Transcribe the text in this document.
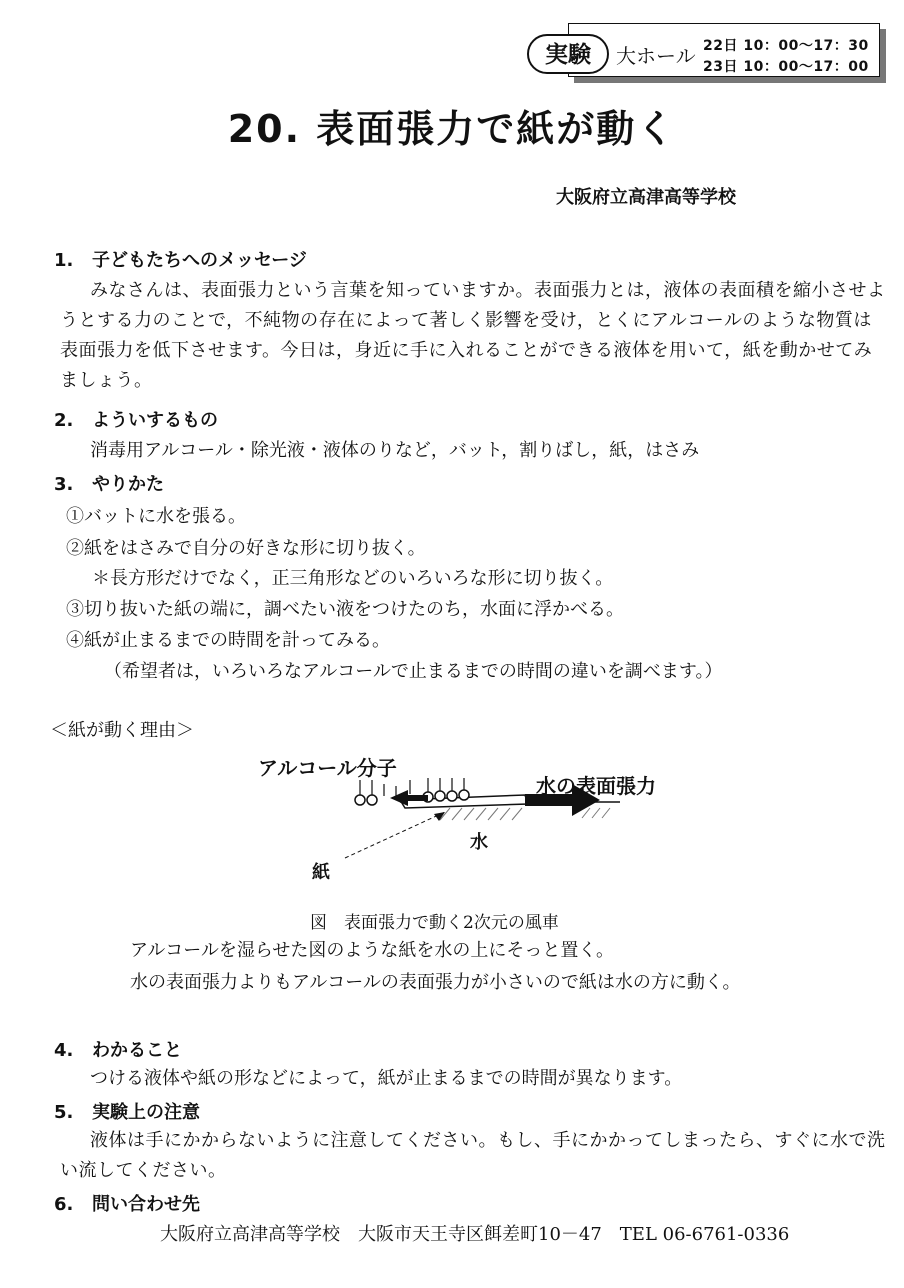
実験	大ホール 22日 10：00～17：30
23日 10：00～17：00
20. 表面張力で紙が動く
大阪府立高津高等学校
1. 子どもたちへのメッセージ
みなさんは、表面張力という言葉を知っていますか。表面張力とは，液体の表面積を縮小させようとする力のことで，不純物の存在によって著しく影響を受け，とくにアルコールのような物質は表面張力を低下させます。今日は，身近に手に入れることができる液体を用いて，紙を動かせてみましょう。
2. よういするもの
消毒用アルコール・除光液・液体のりなど，バット，割りばし，紙，はさみ
3. やりかた
①バットに水を張る。
②紙をはさみで自分の好きな形に切り抜く。
＊長方形だけでなく，正三角形などのいろいろな形に切り抜く。
③切り抜いた紙の端に，調べたい液をつけたのち，水面に浮かべる。
④紙が止まるまでの時間を計ってみる。
（希望者は，いろいろなアルコールで止まるまでの時間の違いを調べます。）
＜紙が動く理由＞
アルコール分子
水の表面張力
水
紙
図　表面張力で動く2次元の風車
アルコールを湿らせた図のような紙を水の上にそっと置く。
水の表面張力よりもアルコールの表面張力が小さいので紙は水の方に動く。
4. わかること
つける液体や紙の形などによって，紙が止まるまでの時間が異なります。
5. 実験上の注意
液体は手にかからないように注意してください。もし、手にかかってしまったら、すぐに水で洗い流してください。
6. 問い合わせ先
大阪府立高津高等学校　大阪市天王寺区餌差町10－47　TEL 06-6761-0336
